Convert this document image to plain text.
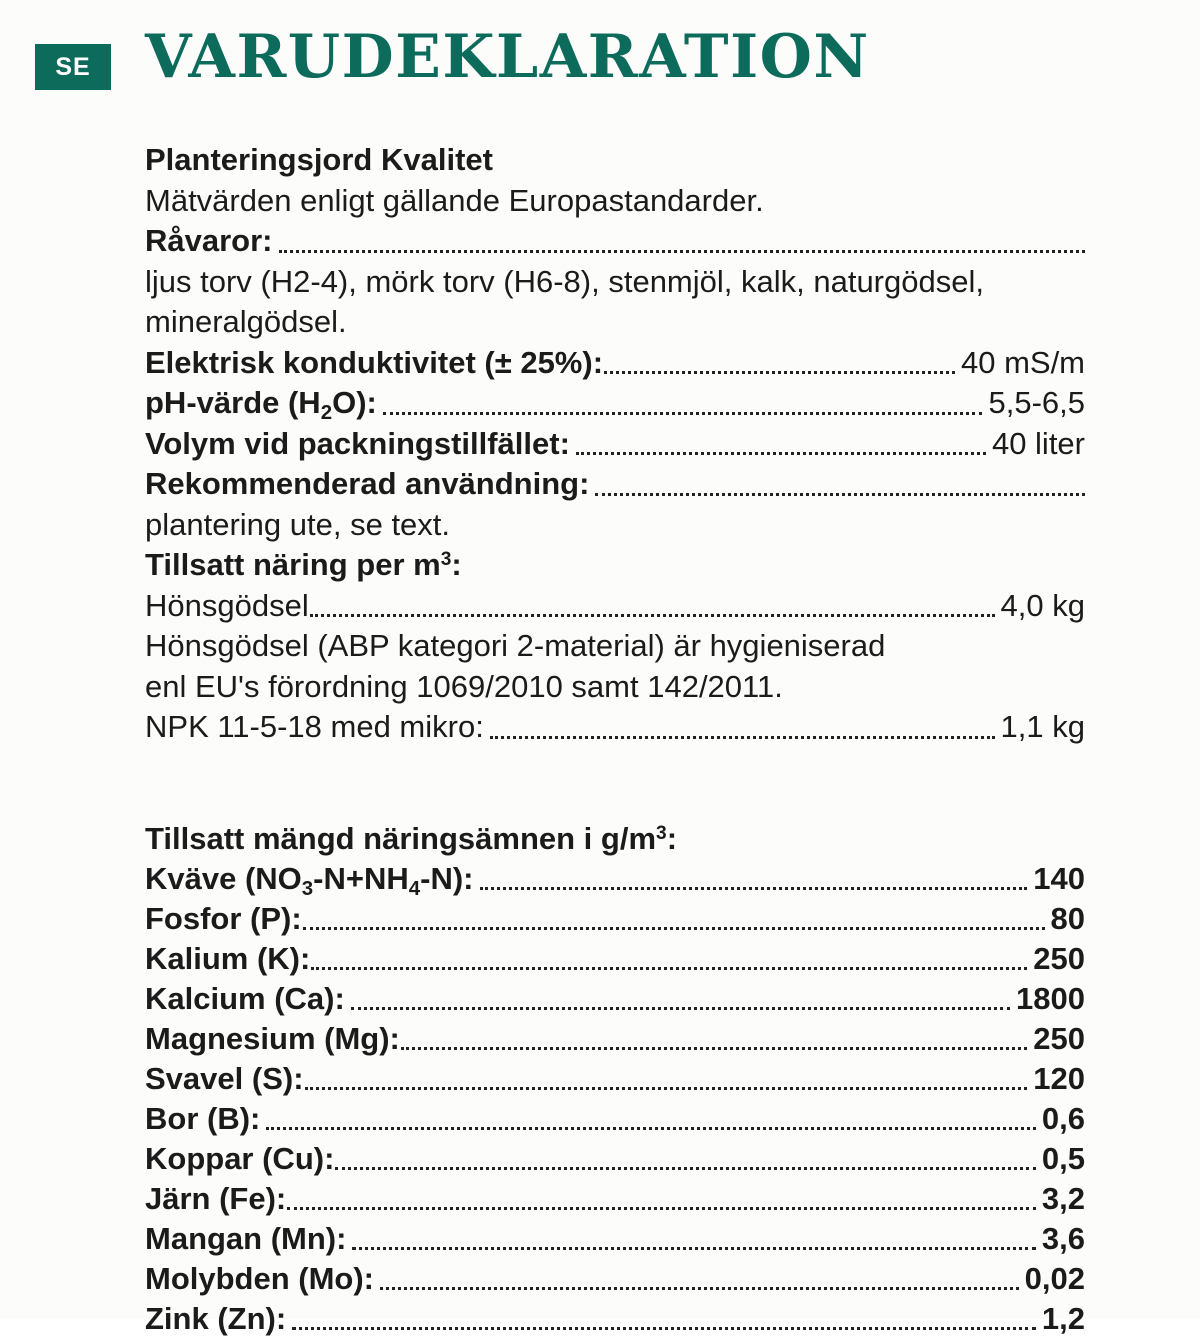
SE VARUDEKLARATION
Planteringsjord Kvalitet
Mätvärden enligt gällande Europastandarder.
Råvaror:
ljus torv (H2-4), mörk torv (H6-8), stenmjöl, kalk, naturgödsel,
mineralgödsel.
Elektrisk konduktivitet (± 25%):	40 mS/m
pH-värde $(H_2O)$:	5,5-6,5
Volym vid packningstillfället:	40 liter
Rekommenderad användning:
plantering ute, se text.
Tillsatt näring per $m^3$:
Hönsgödsel	4,0 kg
Hönsgödsel (ABP kategori 2-material) är hygieniserad
enl EU's förordning 1069/2010 samt 142/2011.
NPK 11-5-18 med mikro:	1,1 kg
Tillsatt mängd näringsämnen i $g/m^3$:
Kväve $(NO_3-N+NH_4-N)$:	140
Fosfor (P):	80
Kalium (K):	250
Kalcium (Ca):	1800
Magnesium (Mg):	250
Svavel (S):	120
Bor (B):	0,6
Koppar (Cu):	0,5
Järn (Fe):	3,2
Mangan (Mn):	3,6
Molybden (Mo):	0,02
Zink (Zn):	1,2
